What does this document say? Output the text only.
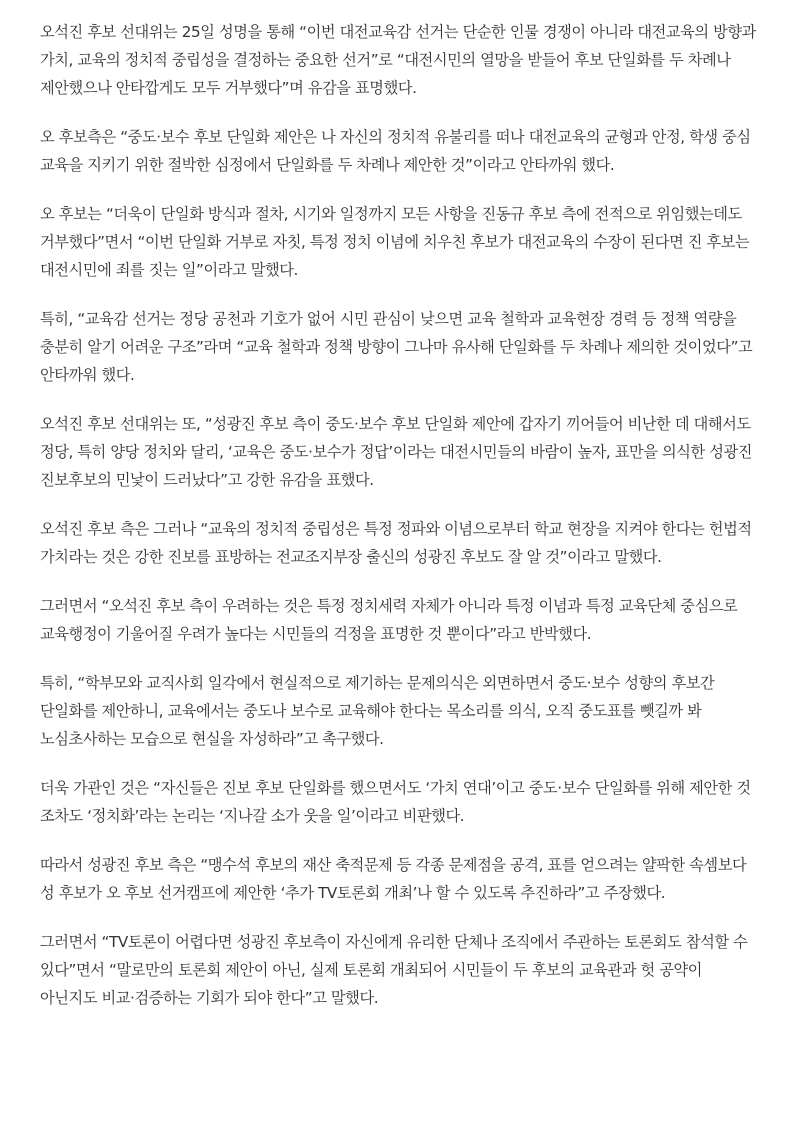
오석진 후보 선대위는 25일 성명을 통해 “이번 대전교육감 선거는 단순한 인물 경쟁이 아니라 대전교육의 방향과 가치, 교육의 정치적 중립성을 결정하는 중요한 선거”로 “대전시민의 열망을 받들어 후보 단일화를 두 차례나 제안했으나 안타깝게도 모두 거부했다”며 유감을 표명했다.

오 후보측은 “중도·보수 후보 단일화 제안은 나 자신의 정치적 유불리를 떠나 대전교육의 균형과 안정, 학생 중심 교육을 지키기 위한 절박한 심정에서 단일화를 두 차례나 제안한 것”이라고 안타까워 했다.

오 후보는 “더욱이 단일화 방식과 절차, 시기와 일정까지 모든 사항을 진동규 후보 측에 전적으로 위임했는데도 거부했다”면서 “이번 단일화 거부로 자칫, 특정 정치 이념에 치우친 후보가 대전교육의 수장이 된다면 진 후보는 대전시민에 죄를 짓는 일”이라고 말했다.

특히, “교육감 선거는 정당 공천과 기호가 없어 시민 관심이 낮으면 교육 철학과 교육현장 경력 등 정책 역량을 충분히 알기 어려운 구조”라며 “교육 철학과 정책 방향이 그나마 유사해 단일화를 두 차례나 제의한 것이었다”고 안타까워 했다.

오석진 후보 선대위는 또, “성광진 후보 측이 중도·보수 후보 단일화 제안에 갑자기 끼어들어 비난한 데 대해서도 정당, 특히 양당 정치와 달리, ‘교육은 중도·보수가 정답’이라는 대전시민들의 바람이 높자, 표만을 의식한 성광진 진보후보의 민낯이 드러났다”고 강한 유감을 표했다.

오석진 후보 측은 그러나 “교육의 정치적 중립성은 특정 정파와 이념으로부터 학교 현장을 지켜야 한다는 헌법적 가치라는 것은 강한 진보를 표방하는 전교조지부장 출신의 성광진 후보도 잘 알 것”이라고 말했다.

그러면서 “오석진 후보 측이 우려하는 것은 특정 정치세력 자체가 아니라 특정 이념과 특정 교육단체 중심으로 교육행정이 기울어질 우려가 높다는 시민들의 걱정을 표명한 것 뿐이다”라고 반박했다.

특히, “학부모와 교직사회 일각에서 현실적으로 제기하는 문제의식은 외면하면서 중도·보수 성향의 후보간 단일화를 제안하니, 교육에서는 중도나 보수로 교육해야 한다는 목소리를 의식, 오직 중도표를 뺏길까 봐 노심초사하는 모습으로 현실을 자성하라”고 촉구했다.

더욱 가관인 것은 “자신들은 진보 후보 단일화를 했으면서도 ‘가치 연대’이고 중도·보수 단일화를 위해 제안한 것 조차도 ‘정치화’라는 논리는 ‘지나갈 소가 웃을 일’이라고 비판했다.

따라서 성광진 후보 측은 “맹수석 후보의 재산 축적문제 등 각종 문제점을 공격, 표를 얻으려는 얄팍한 속셈보다 성 후보가 오 후보 선거캠프에 제안한 ‘추가 TV토론회 개최’나 할 수 있도록 추진하라”고 주장했다.

그러면서 “TV토론이 어렵다면 성광진 후보측이 자신에게 유리한 단체나 조직에서 주관하는 토론회도 참석할 수 있다”면서 “말로만의 토론회 제안이 아닌, 실제 토론회 개최되어 시민들이 두 후보의 교육관과 헛 공약이 아닌지도 비교·검증하는 기회가 되야 한다”고 말했다.
